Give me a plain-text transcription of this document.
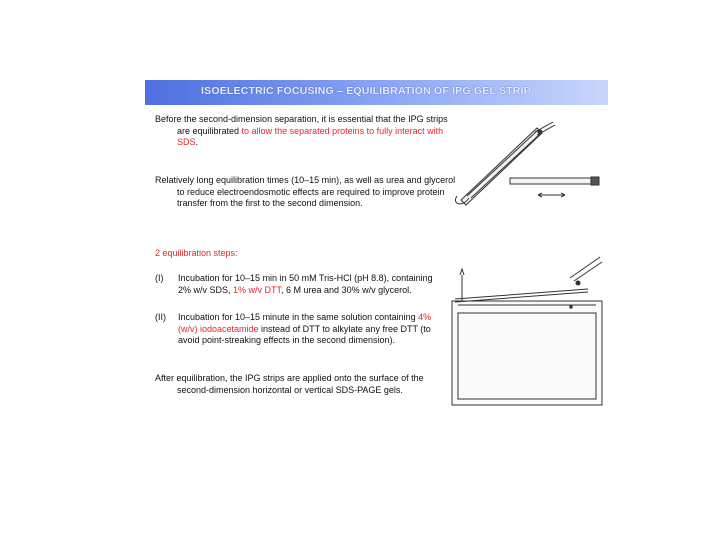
ISOELECTRIC FOCUSING – EQUILIBRATION OF IPG GEL STRIP
Before the second-dimension separation, it is essential that the IPG strips are equilibrated to allow the separated proteins to fully interact with SDS.
Relatively long equilibration times (10–15 min), as well as urea and glycerol to reduce electroendosmotic effects are required to improve protein transfer from the first to the second dimension.
2 equilibration steps:
(I)	Incubation for 10–15 min in 50 mM Tris-HCl (pH 8.8), containing 2% w/v SDS, 1% w/v DTT, 6 M urea and 30% w/v glycerol.
(II)	Incubation for 10–15 minute in the same solution containing 4% (w/v) iodoacetamide instead of DTT to alkylate any free DTT (to avoid point-streaking effects in the second dimension).
After equilibration, the IPG strips are applied onto the surface of the second-dimension horizontal or vertical SDS-PAGE gels.
